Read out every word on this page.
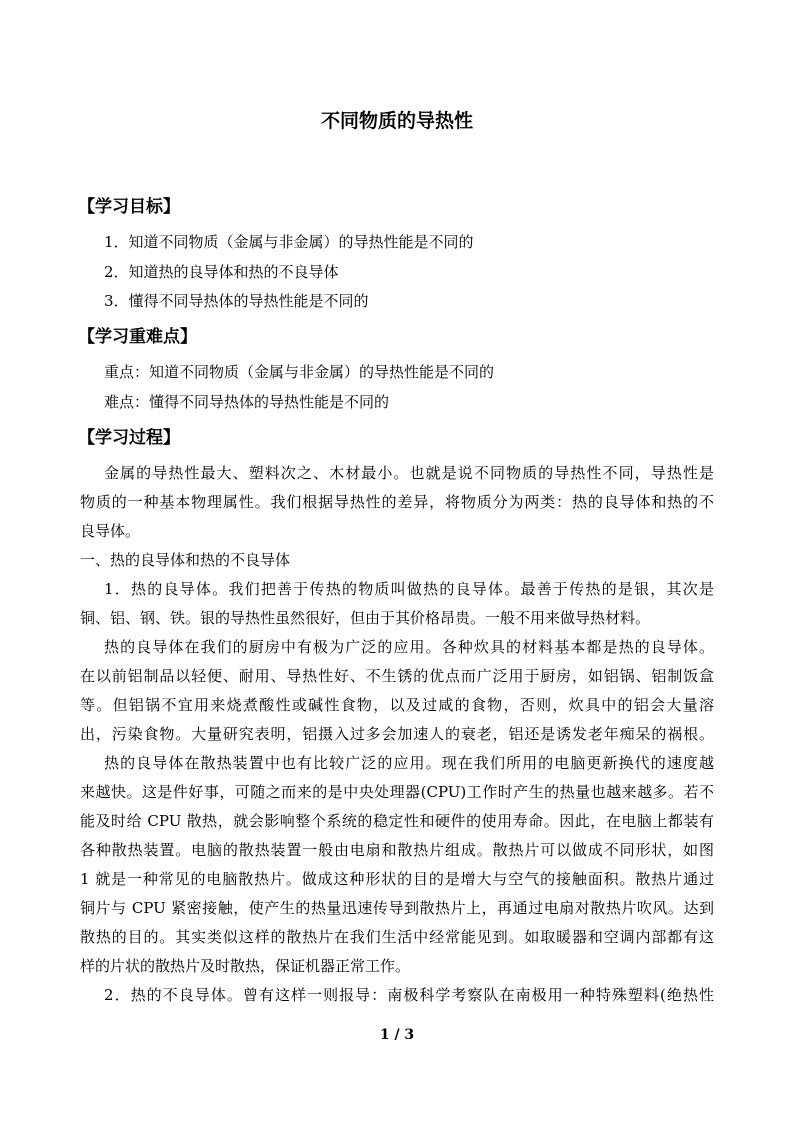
不同物质的导热性
【学习目标】

1．知道不同物质（金属与非金属）的导热性能是不同的

2．知道热的良导体和热的不良导体

3．懂得不同导热体的导热性能是不同的

【学习重难点】

重点：知道不同物质（金属与非金属）的导热性能是不同的

难点：懂得不同导热体的导热性能是不同的

【学习过程】

金属的导热性最大、塑料次之、木材最小。也就是说不同物质的导热性不同，导热性是

物质的一种基本物理属性。我们根据导热性的差异，将物质分为两类：热的良导体和热的不

良导体。

一、热的良导体和热的不良导体

1．热的良导体。我们把善于传热的物质叫做热的良导体。最善于传热的是银，其次是

铜、铝、钢、铁。银的导热性虽然很好，但由于其价格昂贵。一般不用来做导热材料。

热的良导体在我们的厨房中有极为广泛的应用。各种炊具的材料基本都是热的良导体。

在以前铝制品以轻便、耐用、导热性好、不生锈的优点而广泛用于厨房，如铝锅、铝制饭盒

等。但铝锅不宜用来烧煮酸性或碱性食物，以及过咸的食物，否则，炊具中的铝会大量溶

出，污染食物。大量研究表明，铝摄入过多会加速人的衰老，铝还是诱发老年痴呆的祸根。

热的良导体在散热装置中也有比较广泛的应用。现在我们所用的电脑更新换代的速度越

来越快。这是件好事，可随之而来的是中央处理器(CPU)工作时产生的热量也越来越多。若不

能及时给 CPU 散热，就会影响整个系统的稳定性和硬件的使用寿命。因此，在电脑上都装有

各种散热装置。电脑的散热装置一般由电扇和散热片组成。散热片可以做成不同形状，如图

1 就是一种常见的电脑散热片。做成这种形状的目的是增大与空气的接触面积。散热片通过

铜片与 CPU 紧密接触，使产生的热量迅速传导到散热片上，再通过电扇对散热片吹风。达到

散热的目的。其实类似这样的散热片在我们生活中经常能见到。如取暖器和空调内部都有这

样的片状的散热片及时散热，保证机器正常工作。

2．热的不良导体。曾有这样一则报导：南极科学考察队在南极用一种特殊塑料(绝热性

1 / 3
